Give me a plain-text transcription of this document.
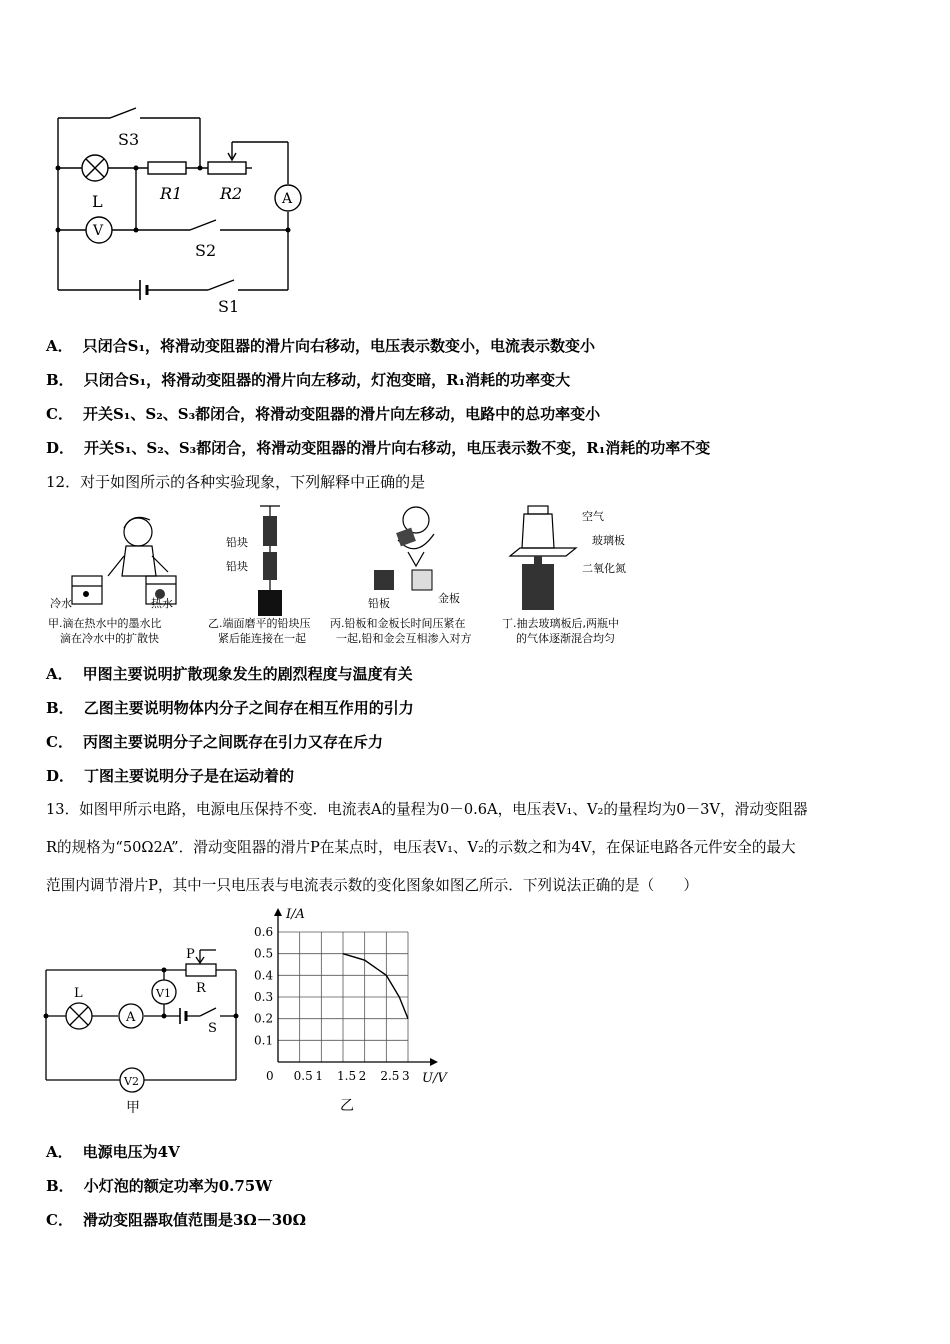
S3
R1 R2
L
V
A
S2
S1
A． 只闭合S₁，将滑动变阻器的滑片向右移动，电压表示数变小，电流表示数变小
B． 只闭合S₁，将滑动变阻器的滑片向左移动，灯泡变暗，R₁消耗的功率变大
C． 开关S₁、S₂、S₃都闭合，将滑动变阻器的滑片向左移动，电路中的总功率变小
D． 开关S₁、S₂、S₃都闭合，将滑动变阻器的滑片向右移动，电压表示数不变，R₁消耗的功率不变
12．对于如图所示的各种实验现象，下列解释中正确的是
冷水	热水
甲.滴在热水中的墨水比
滴在冷水中的扩散快
铅块
铅块
乙.端面磨平的铅块压
紧后能连接在一起
铅板	金板
丙.铅板和金板长时间压紧在
一起,铅和金会互相渗入对方
空气
玻璃板
二氧化氮
丁.抽去玻璃板后,两瓶中
的气体逐渐混合均匀
A． 甲图主要说明扩散现象发生的剧烈程度与温度有关
B． 乙图主要说明物体内分子之间存在相互作用的引力
C． 丙图主要说明分子之间既存在引力又存在斥力
D． 丁图主要说明分子是在运动着的
13．如图甲所示电路，电源电压保持不变．电流表A的量程为0－0.6A，电压表V₁、V₂的量程均为0－3V，滑动变阻器
R的规格为“50Ω2A”．滑动变阻器的滑片P在某点时，电压表V₁、V₂的示数之和为4V，在保证电路各元件安全的最大
范围内调节滑片P，其中一只电压表与电流表示数的变化图象如图乙所示．下列说法正确的是（　　）
P
R
L
A
V1
S
V2
甲
0 0.5 1 1.5 2 2.5 3
0.1
0.2
0.3
0.4
0.5
0.6
U/V
I/A
乙
A． 电源电压为4V
B． 小灯泡的额定功率为0.75W
C． 滑动变阻器取值范围是3Ω－30Ω
